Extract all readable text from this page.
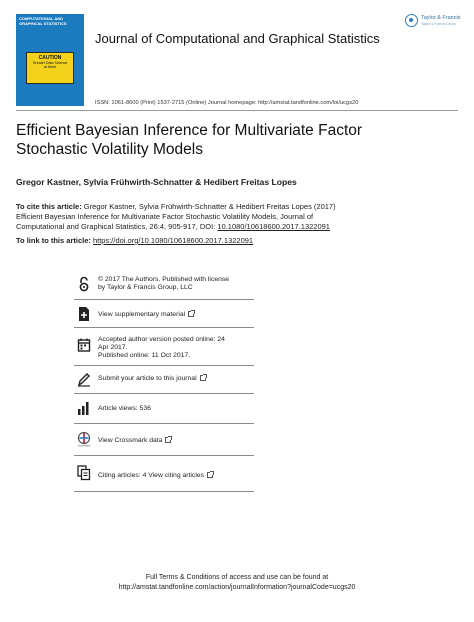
COMPUTATIONAL AND
GRAPHICAL STATISTICS
CAUTION
Greater Data Science
at Work
Journal of Computational and Graphical Statistics
Taylor & Francis
Taylor & Francis Group
ISSN: 1061-8600 (Print) 1537-2715 (Online) Journal homepage: http://amstat.tandfonline.com/loi/ucgs20
Efficient Bayesian Inference for Multivariate Factor
Stochastic Volatility Models
Gregor Kastner, Sylvia Frühwirth-Schnatter & Hedibert Freitas Lopes
To cite this article: Gregor Kastner, Sylvia Frühwirth-Schnatter & Hedibert Freitas Lopes (2017)
Efficient Bayesian Inference for Multivariate Factor Stochastic Volatility Models, Journal of
Computational and Graphical Statistics, 26:4, 905-917, DOI: 10.1080/10618600.2017.1322091
To link to this article: https://doi.org/10.1080/10618600.2017.1322091
© 2017 The Authors. Published with license
by Taylor & Francis Group, LLC
View supplementary material
Accepted author version posted online: 24
Apr 2017.
Published online: 11 Oct 2017.
Submit your article to this journal
Article views: 536
CrossMark
View Crossmark data
Citing articles: 4 View citing articles
Full Terms & Conditions of access and use can be found at
http://amstat.tandfonline.com/action/journalInformation?journalCode=ucgs20
